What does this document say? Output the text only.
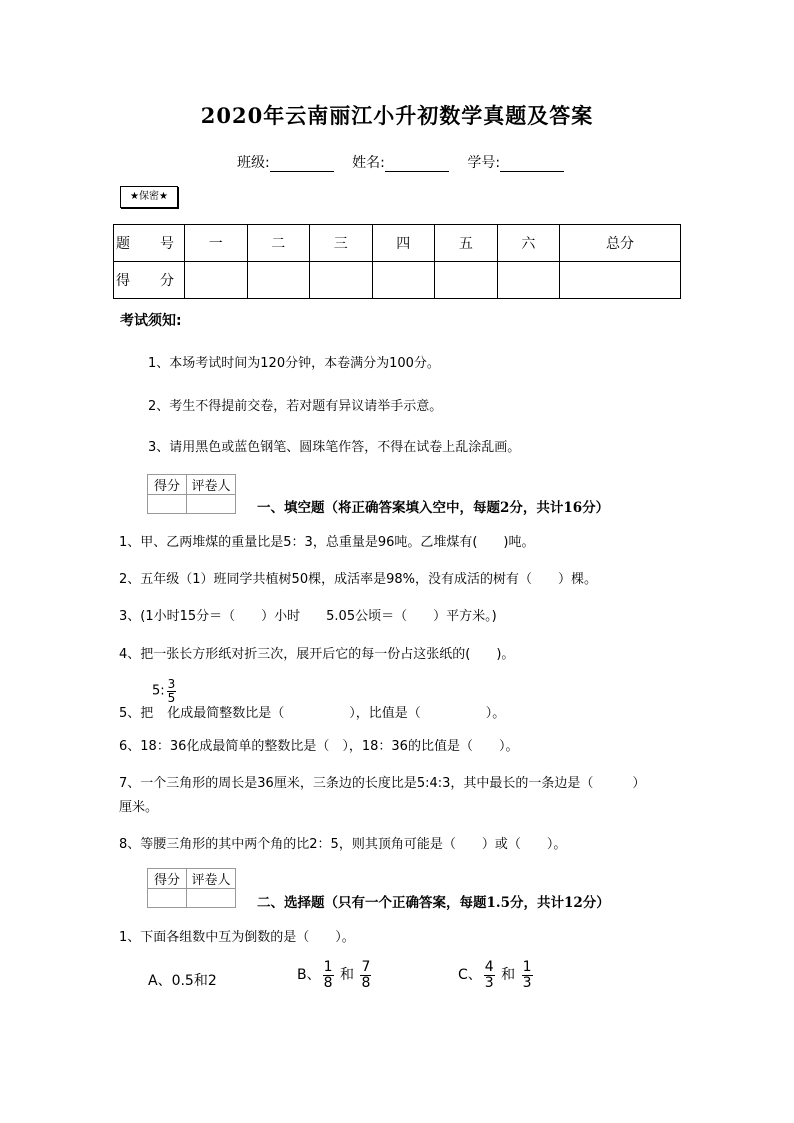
2020年云南丽江小升初数学真题及答案
班级:	姓名:	学号:
★保密★
题　号	一	二	三	四	五	六	总分
得　分							
考试须知:
1、本场考试时间为120分钟，本卷满分为100分。
2、考生不得提前交卷，若对题有异议请举手示意。
3、请用黑色或蓝色钢笔、圆珠笔作答，不得在试卷上乱涂乱画。
得分	评卷人

一、填空题（将正确答案填入空中，每题2分，共计16分）
1、甲、乙两堆煤的重量比是5：3，总重量是96吨。乙堆煤有(　　)吨。
2、五年级（1）班同学共植树50棵，成活率是98%，没有成活的树有（　　）棵。
3、(1小时15分＝（　　）小时　　5.05公顷＝（　　）平方米。)
4、把一张长方形纸对折三次，展开后它的每一份占这张纸的(　　)。
5: $\frac{3}{5}$
5、把 化成最简整数比是（　　　　　），比值是（　　　　　）。
6、18：36化成最简单的整数比是（　），18：36的比值是（　　）。
7、一个三角形的周长是36厘米，三条边的长度比是5:4:3，其中最长的一条边是（　　　）
厘米。
8、等腰三角形的其中两个角的比2：5，则其顶角可能是（　　）或（　　）。
得分	评卷人

二、选择题（只有一个正确答案，每题1.5分，共计12分）
1、下面各组数中互为倒数的是（　　）。
A、0.5和2	B、 $\frac{1}{8}$ 和 $\frac{7}{8}$	C、 $\frac{4}{3}$ 和 $\frac{1}{3}$
